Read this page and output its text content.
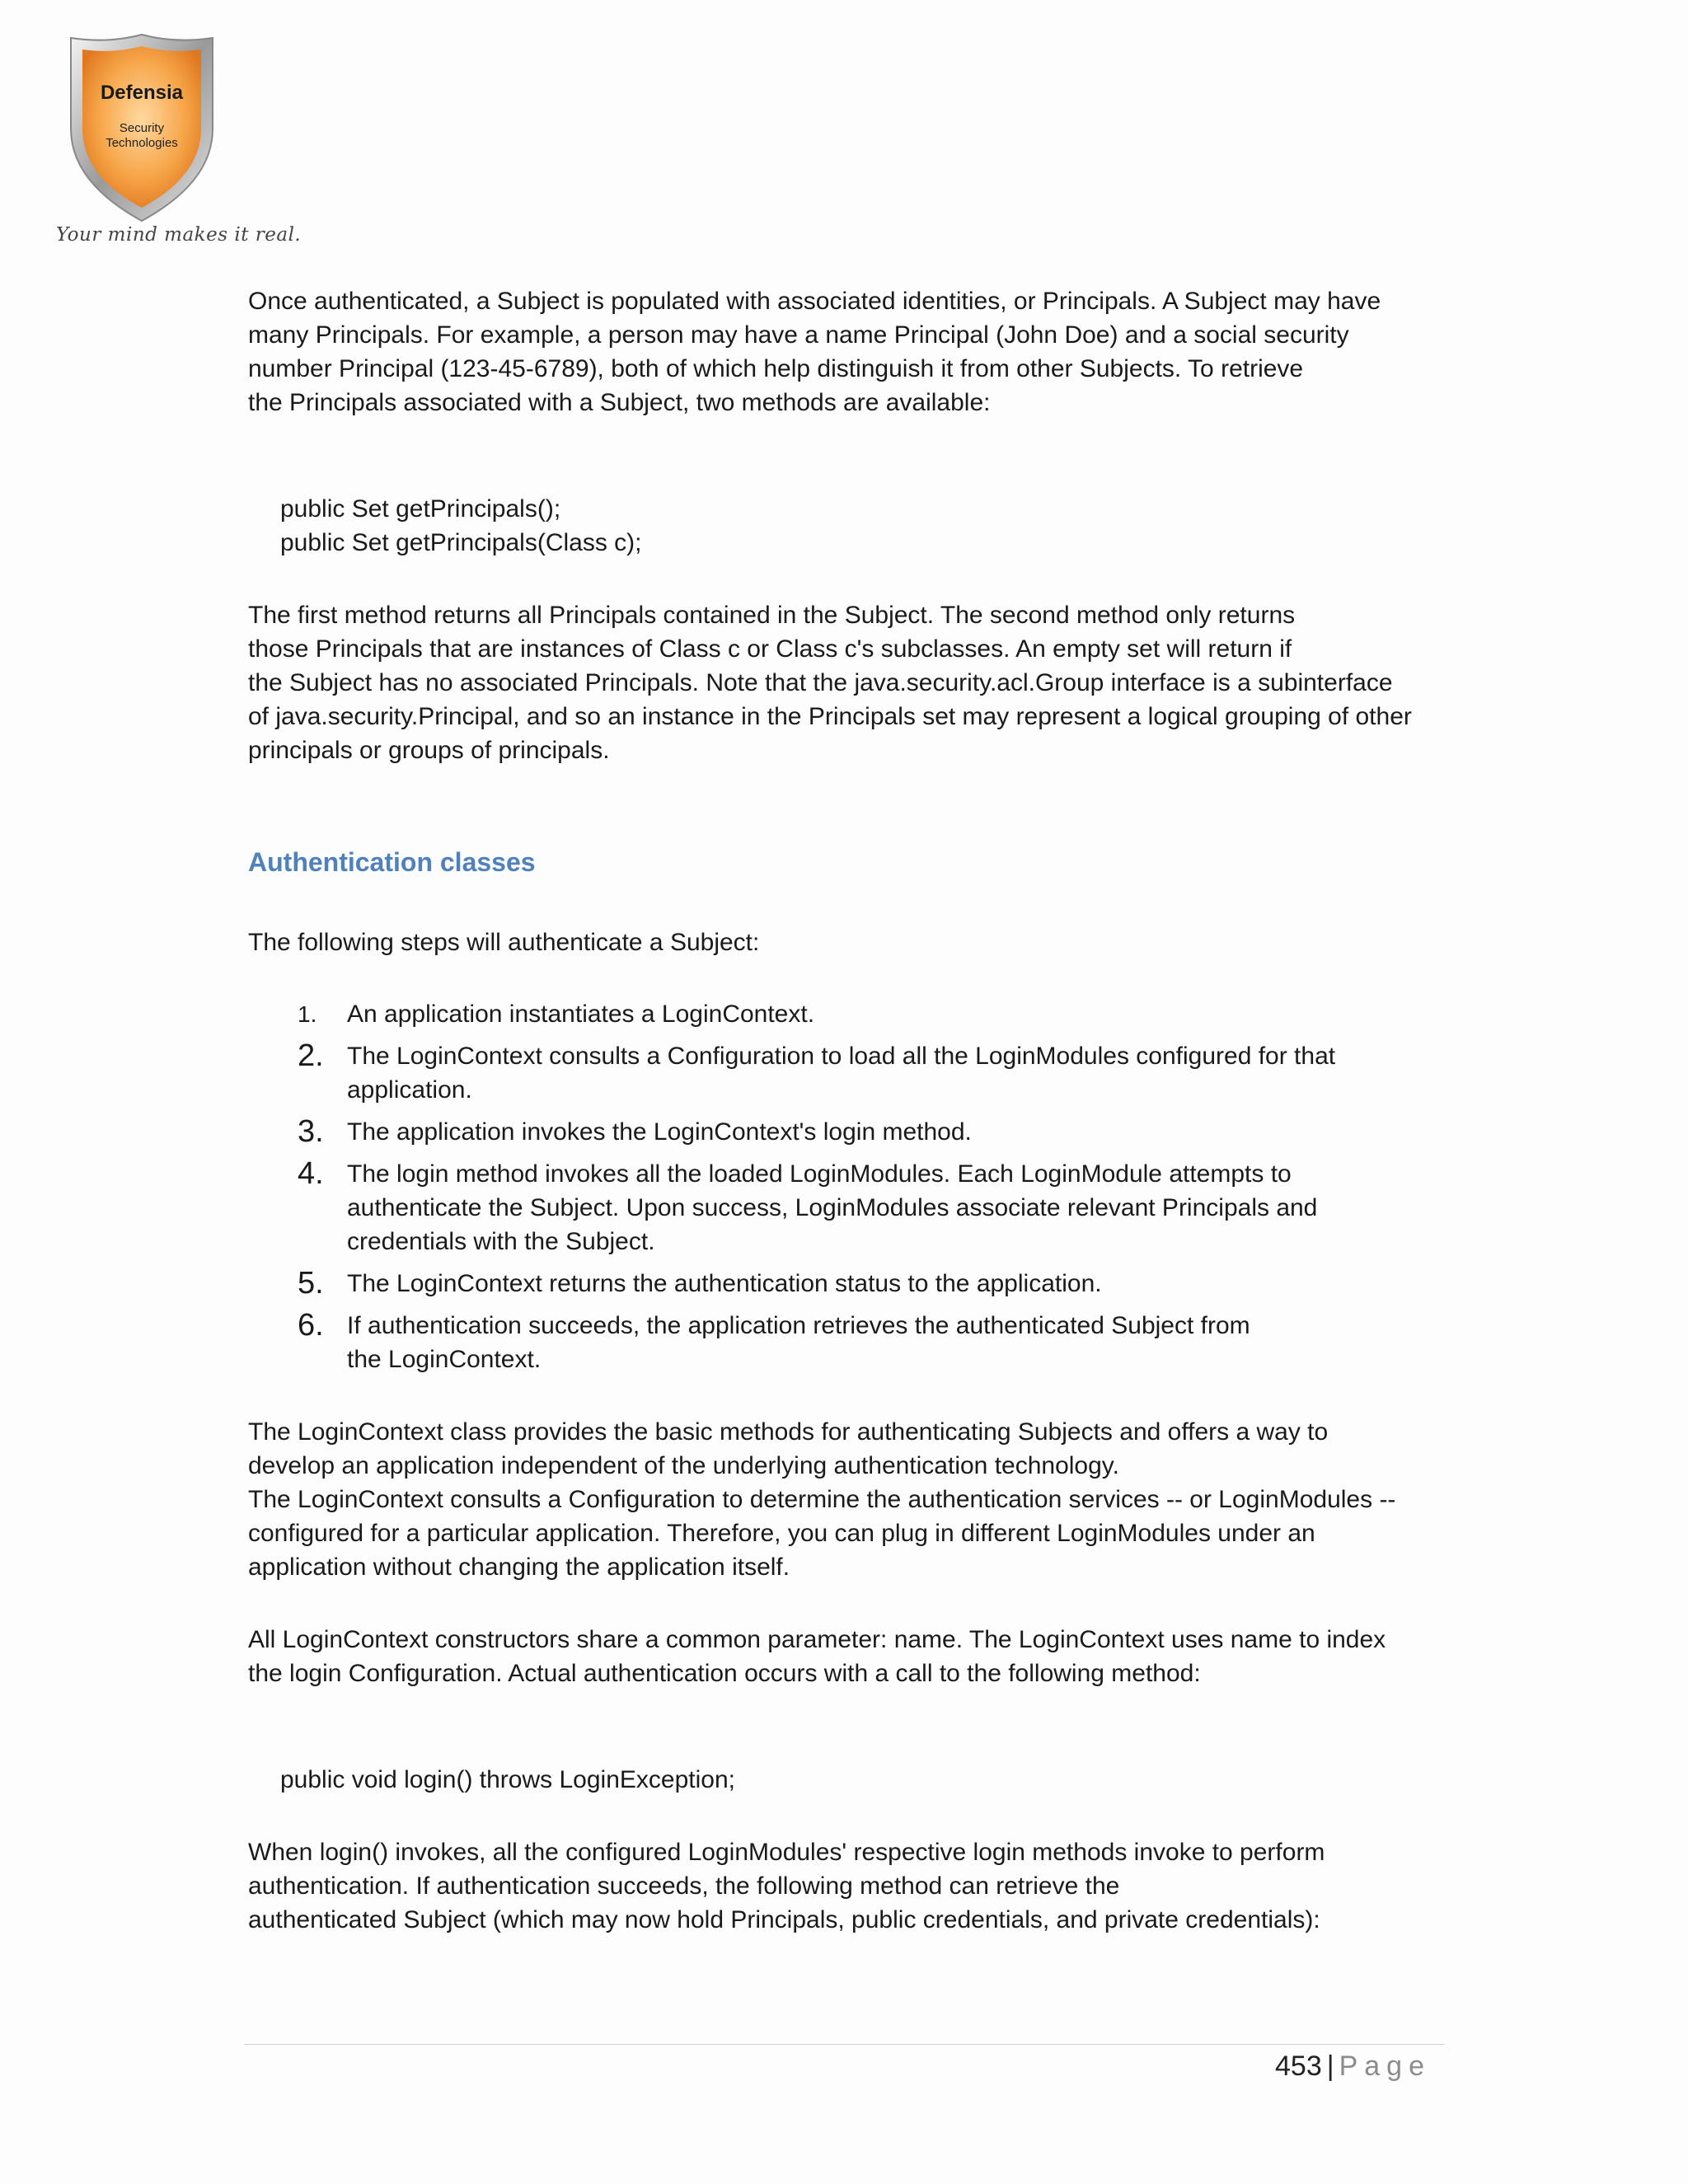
Defensia
Security
Technologies
Your mind makes it real.

Once authenticated, a Subject is populated with associated identities, or Principals. A Subject may have

many Principals. For example, a person may have a name Principal (John Doe) and a social security

number Principal (123-45-6789), both of which help distinguish it from other Subjects. To retrieve

the Principals associated with a Subject, two methods are available:

public Set getPrincipals();

public Set getPrincipals(Class c);

The first method returns all Principals contained in the Subject. The second method only returns

those Principals that are instances of Class c or Class c's subclasses. An empty set will return if

the Subject has no associated Principals. Note that the java.security.acl.Group interface is a subinterface

of java.security.Principal, and so an instance in the Principals set may represent a logical grouping of other

principals or groups of principals.

Authentication classes

The following steps will authenticate a Subject:

1.	An application instantiates a LoginContext.

2. The LoginContext consults a Configuration to load all the LoginModules configured for that

application.

3. The application invokes the LoginContext's login method.

4. The login method invokes all the loaded LoginModules. Each LoginModule attempts to

authenticate the Subject. Upon success, LoginModules associate relevant Principals and

credentials with the Subject.

5. The LoginContext returns the authentication status to the application.

6. If authentication succeeds, the application retrieves the authenticated Subject from

the LoginContext.

The LoginContext class provides the basic methods for authenticating Subjects and offers a way to

develop an application independent of the underlying authentication technology.

The LoginContext consults a Configuration to determine the authentication services -- or LoginModules --

configured for a particular application. Therefore, you can plug in different LoginModules under an

application without changing the application itself.

All LoginContext constructors share a common parameter: name. The LoginContext uses name to index

the login Configuration. Actual authentication occurs with a call to the following method:

public void login() throws LoginException;

When login() invokes, all the configured LoginModules' respective login methods invoke to perform

authentication. If authentication succeeds, the following method can retrieve the

authenticated Subject (which may now hold Principals, public credentials, and private credentials):

453 | Page
